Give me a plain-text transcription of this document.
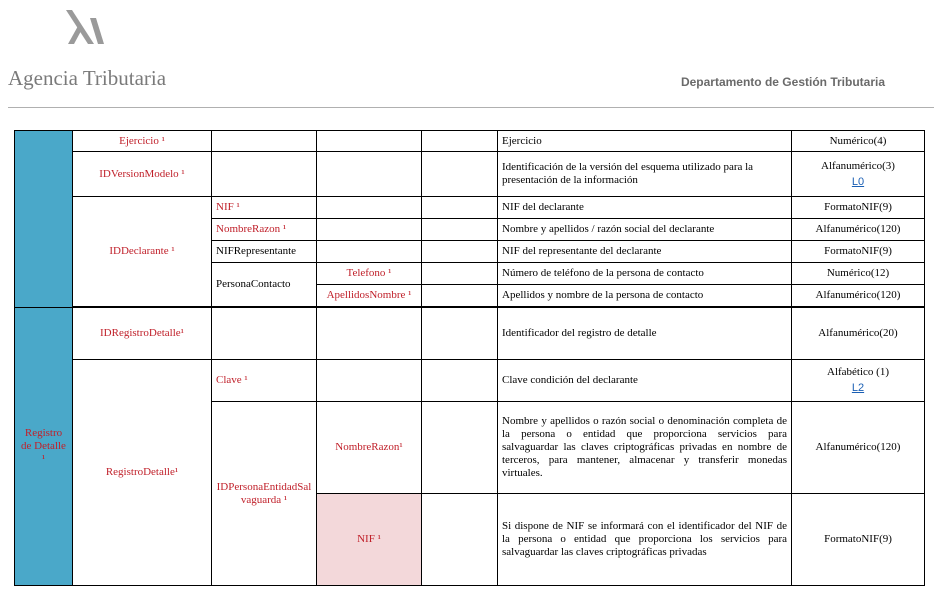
Agencia Tributaria	Departamento de Gestión Tributaria
	Ejercicio ¹				Ejercicio	Numérico(4)
	IDVersionModelo ¹				Identificación de la versión del esquema utilizado para la presentación de la información	Alfanumérico(3)
L0
	IDDeclarante ¹	NIF ¹			NIF del declarante	FormatoNIF(9)
		NombreRazon ¹			Nombre y apellidos / razón social del declarante	Alfanumérico(120)
		NIFRepresentante			NIF del representante del declarante	FormatoNIF(9)
		PersonaContacto	Telefono ¹		Número de teléfono de la persona de contacto	Numérico(12)
			ApellidosNombre ¹		Apellidos y nombre de la persona de contacto	Alfanumérico(120)

Registro de Detalle ¹	IDRegistroDetalle¹				Identificador del registro de detalle	Alfanumérico(20)
	RegistroDetalle¹	Clave ¹			Clave condición del declarante	Alfabético (1)
L2
		IDPersonaEntidadSalvaguarda ¹	NombreRazon¹		Nombre y apellidos o razón social o denominación completa de la persona o entidad que proporciona servicios para salvaguardar las claves criptográficas privadas en nombre de terceros, para mantener, almacenar y transferir monedas virtuales.	Alfanumérico(120)
			NIF ¹		Si dispone de NIF se informará con el identificador del NIF de la persona o entidad que proporciona los servicios para salvaguardar las claves criptográficas privadas	FormatoNIF(9)
